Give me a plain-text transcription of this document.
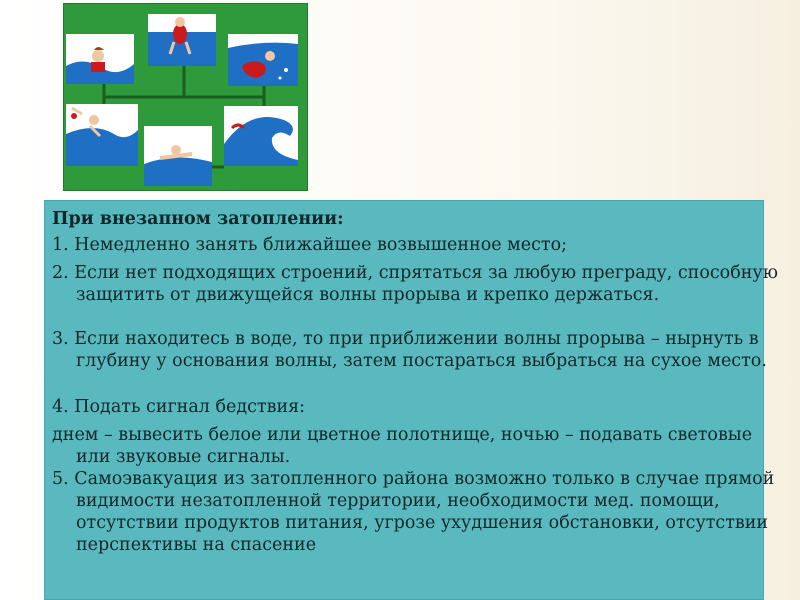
При внезапном затоплении:

1. Немедленно занять ближайшее возвышенное место;

2. Если нет подходящих строений, спрятаться за любую преграду, способную защитить от движущейся волны прорыва и крепко держаться.

3. Если находитесь в воде, то при приближении волны прорыва – нырнуть в глубину у основания волны, затем постараться выбраться на сухое место.

4. Подать сигнал бедствия:

днем – вывесить белое или цветное полотнище, ночью – подавать световые или звуковые сигналы.

5. Самоэвакуация из затопленного района возможно только в случае прямой видимости незатопленной территории, необходимости мед. помощи, отсутствии продуктов питания, угрозе ухудшения обстановки, отсутствии перспективы на спасение
